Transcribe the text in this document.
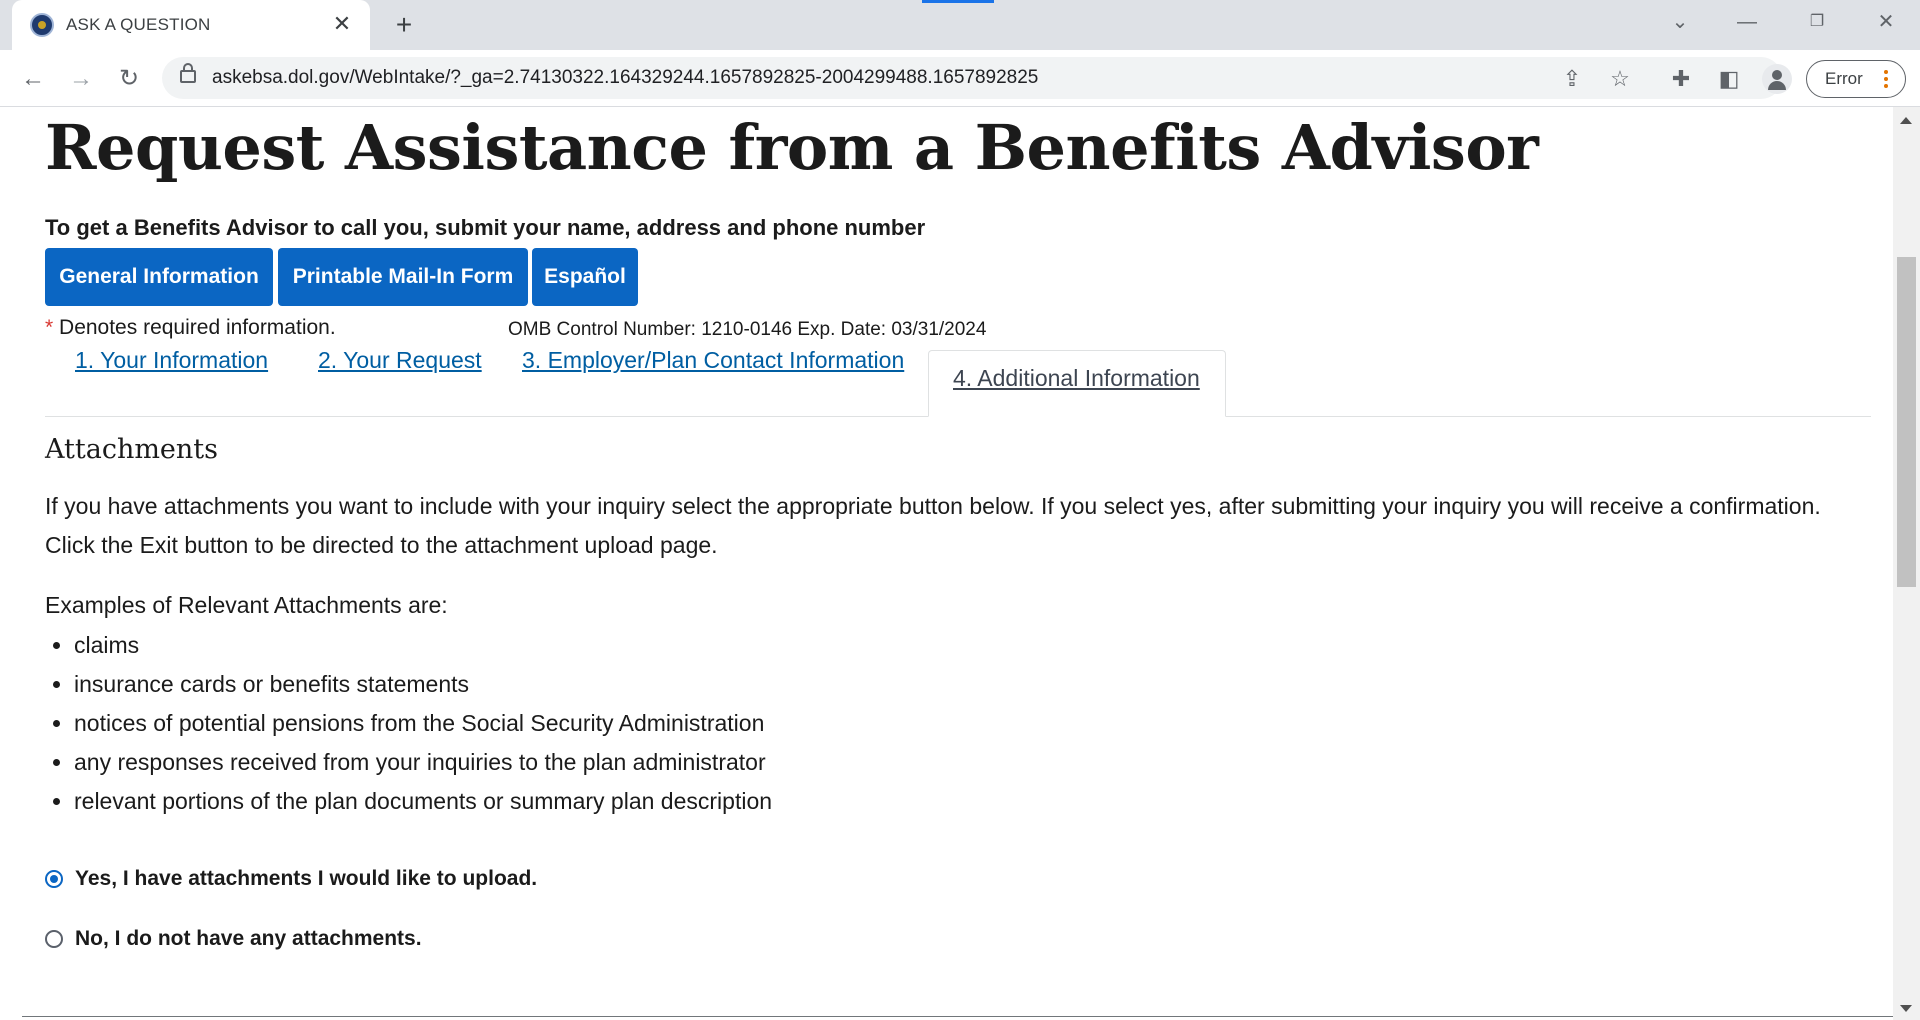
ASK A QUESTION	✕ +	⌄	—	❐	✕
← → ↻	askebsa.dol.gov/WebIntake/?_ga=2.74130322.164329244.1657892825-2004299488.1657892825	⇪ ☆ ✚ ◧	Error
Request Assistance from a Benefits Advisor
To get a Benefits Advisor to call you, submit your name, address and phone number
General Information	Printable Mail-In Form	Español
* Denotes required information.	OMB Control Number: 1210-0146 Exp. Date: 03/31/2024
1. Your Information 2. Your Request 3. Employer/Plan Contact Information
4. Additional Information
Attachments
If you have attachments you want to include with your inquiry select the appropriate button below. If you select yes, after submitting your inquiry you will receive a confirmation. Click the Exit button to be directed to the attachment upload page.
Examples of Relevant Attachments are:
• claims
• insurance cards or benefits statements
• notices of potential pensions from the Social Security Administration
• any responses received from your inquiries to the plan administrator
• relevant portions of the plan documents or summary plan description
Yes, I have attachments I would like to upload.
No, I do not have any attachments.
